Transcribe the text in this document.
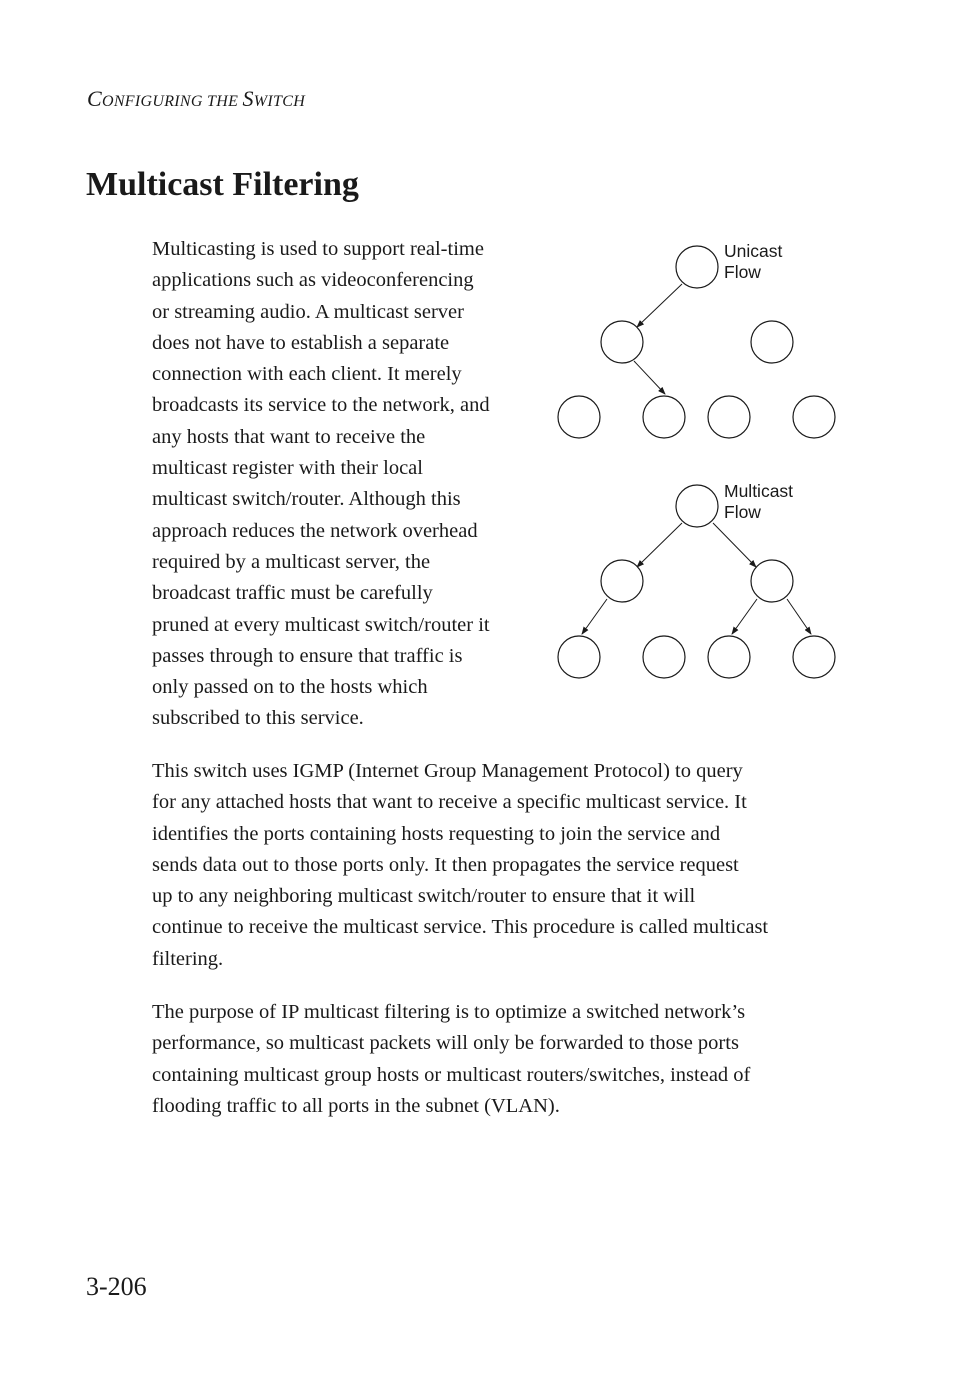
CONFIGURING THE SWITCH
Multicast Filtering

Multicasting is used to support real-time
applications such as videoconferencing
or streaming audio. A multicast server
does not have to establish a separate
connection with each client. It merely
broadcasts its service to the network, and
any hosts that want to receive the
multicast register with their local
multicast switch/router. Although this
approach reduces the network overhead
required by a multicast server, the
broadcast traffic must be carefully
pruned at every multicast switch/router it
passes through to ensure that traffic is
only passed on to the hosts which
subscribed to this service.

Unicast
Flow
Multicast
Flow

This switch uses IGMP (Internet Group Management Protocol) to query
for any attached hosts that want to receive a specific multicast service. It
identifies the ports containing hosts requesting to join the service and
sends data out to those ports only. It then propagates the service request
up to any neighboring multicast switch/router to ensure that it will
continue to receive the multicast service. This procedure is called multicast
filtering.

The purpose of IP multicast filtering is to optimize a switched network’s
performance, so multicast packets will only be forwarded to those ports
containing multicast group hosts or multicast routers/switches, instead of
flooding traffic to all ports in the subnet (VLAN).

3-206
